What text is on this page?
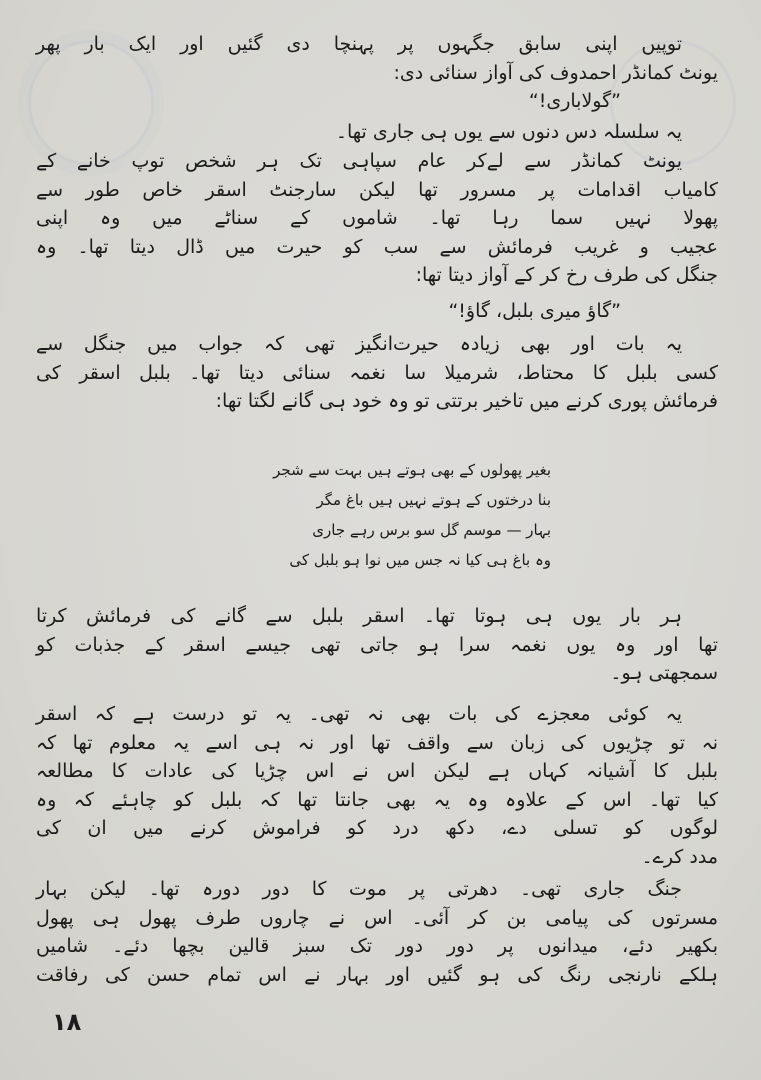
توپیں اپنی سابق جگہوں پر پہنچا دی گئیں اور ایک بار پھر
یونٹ کمانڈر احمدوف کی آواز سنائی دی:
”گولاباری!“
یہ سلسلہ دس دنوں سے یوں ہی جاری تھا۔
یونٹ کمانڈر سے لےکر عام سپاہی تک ہر شخص توپ خانے کے
کامیاب اقدامات پر مسرور تھا لیکن سارجنٹ اسقر خاص طور سے
پھولا نہیں سما رہا تھا۔ شاموں کے سناٹے میں وہ اپنی
عجیب و غریب فرمائش سے سب کو حیرت میں ڈال دیتا تھا۔ وہ
جنگل کی طرف رخ کر کے آواز دیتا تھا:
”گاؤ میری بلبل، گاؤ!“
یہ بات اور بھی زیادہ حیرت‌انگیز تھی کہ جواب میں جنگل سے
کسی بلبل کا محتاط، شرمیلا سا نغمہ سنائی دیتا تھا۔ بلبل اسقر کی
فرمائش پوری کرنے میں تاخیر برتتی تو وہ خود ہی گانے لگتا تھا:
بغیر پھولوں کے بھی ہوتے ہیں بہت سے شجر
بنا درختوں کے ہوتے نہیں ہیں باغ مگر
بہار — موسم گل سو برس رہے جاری
وہ باغ ہی کیا نہ جس میں نوا ہو بلبل کی
ہر بار یوں ہی ہوتا تھا۔ اسقر بلبل سے گانے کی فرمائش کرتا
تھا اور وہ یوں نغمہ سرا ہو جاتی تھی جیسے اسقر کے جذبات کو
سمجھتی ہو۔
یہ کوئی معجزے کی بات بھی نہ تھی۔ یہ تو درست ہے کہ اسقر
نہ تو چڑیوں کی زبان سے واقف تھا اور نہ ہی اسے یہ معلوم تھا کہ
بلبل کا آشیانہ کہاں ہے لیکن اس نے اس چڑیا کی عادات کا مطالعہ
کیا تھا۔ اس کے علاوہ وہ یہ بھی جانتا تھا کہ بلبل کو چاہئے کہ وہ
لوگوں کو تسلی دے، دکھ درد کو فراموش کرنے میں ان کی
مدد کرے۔
جنگ جاری تھی۔ دھرتی پر موت کا دور دورہ تھا۔ لیکن بہار
مسرتوں کی پیامی بن کر آئی۔ اس نے چاروں طرف پھول ہی پھول
بکھیر دئے، میدانوں پر دور دور تک سبز قالین بچھا دئے۔ شامیں
ہلکے نارنجی رنگ کی ہو گئیں اور بہار نے اس تمام حسن کی رفاقت
۱۸
